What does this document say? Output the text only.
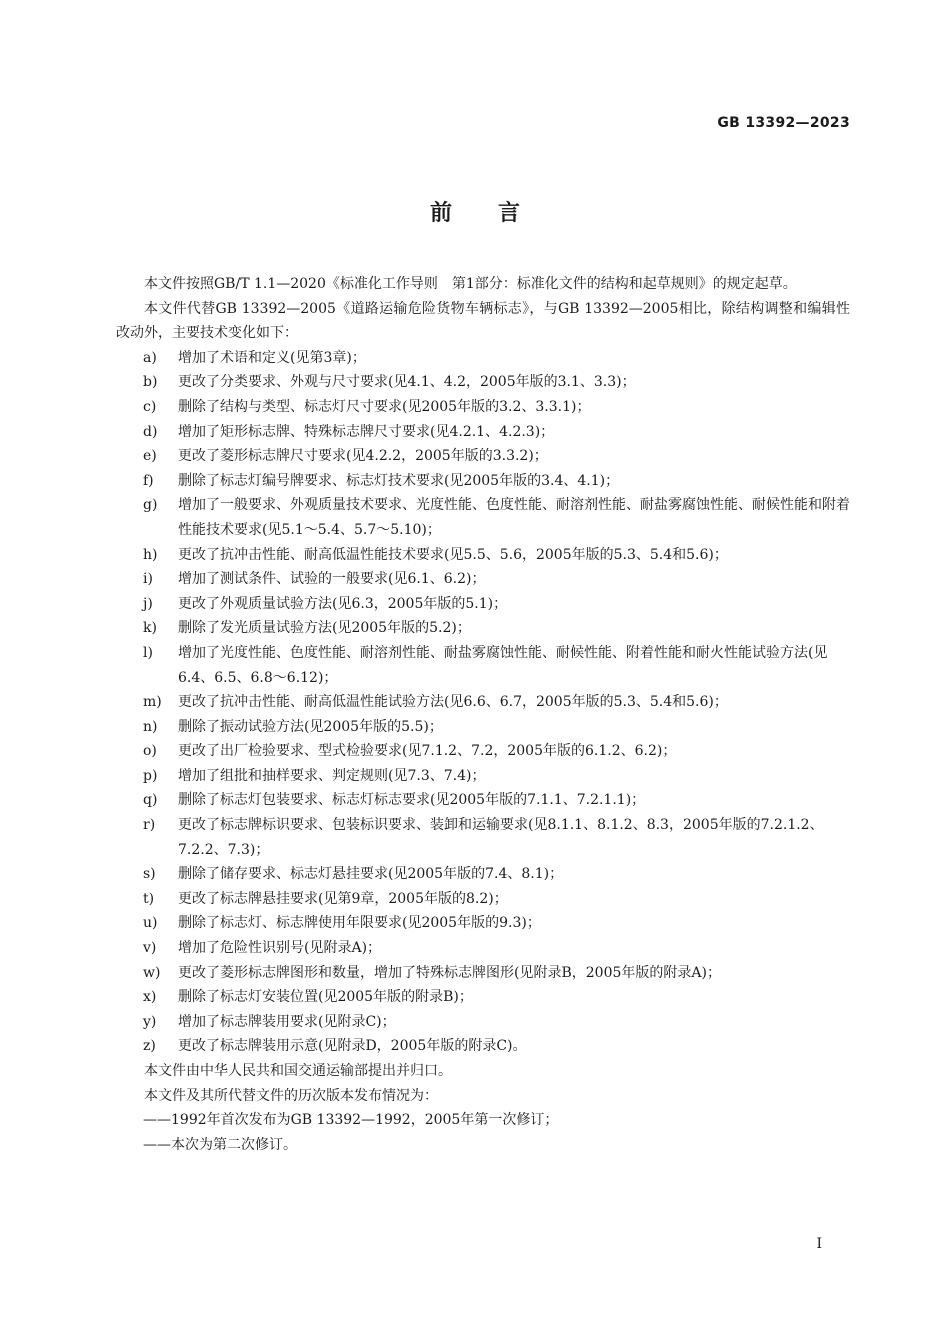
GB 13392—2023
前言

本文件按照GB/T 1.1—2020《标准化工作导则　第1部分：标准化文件的结构和起草规则》的规定起草。

本文件代替GB 13392—2005《道路运输危险货物车辆标志》，与GB 13392—2005相比，除结构调整和编辑性改动外，主要技术变化如下：

a)	增加了术语和定义(见第3章)；
b)	更改了分类要求、外观与尺寸要求(见4.1、4.2，2005年版的3.1、3.3)；
c)	删除了结构与类型、标志灯尺寸要求(见2005年版的3.2、3.3.1)；
d)	增加了矩形标志牌、特殊标志牌尺寸要求(见4.2.1、4.2.3)；
e)	更改了菱形标志牌尺寸要求(见4.2.2，2005年版的3.3.2)；
f)	删除了标志灯编号牌要求、标志灯技术要求(见2005年版的3.4、4.1)；
g)	增加了一般要求、外观质量技术要求、光度性能、色度性能、耐溶剂性能、耐盐雾腐蚀性能、耐候性能和附着性能技术要求(见5.1～5.4、5.7～5.10)；
h)	更改了抗冲击性能、耐高低温性能技术要求(见5.5、5.6，2005年版的5.3、5.4和5.6)；
i)	增加了测试条件、试验的一般要求(见6.1、6.2)；
j)	更改了外观质量试验方法(见6.3，2005年版的5.1)；
k)	删除了发光质量试验方法(见2005年版的5.2)；
l)	增加了光度性能、色度性能、耐溶剂性能、耐盐雾腐蚀性能、耐候性能、附着性能和耐火性能试验方法(见6.4、6.5、6.8～6.12)；
m)	更改了抗冲击性能、耐高低温性能试验方法(见6.6、6.7，2005年版的5.3、5.4和5.6)；
n)	删除了振动试验方法(见2005年版的5.5)；
o)	更改了出厂检验要求、型式检验要求(见7.1.2、7.2，2005年版的6.1.2、6.2)；
p)	增加了组批和抽样要求、判定规则(见7.3、7.4)；
q)	删除了标志灯包装要求、标志灯标志要求(见2005年版的7.1.1、7.2.1.1)；
r)	更改了标志牌标识要求、包装标识要求、装卸和运输要求(见8.1.1、8.1.2、8.3，2005年版的7.2.1.2、7.2.2、7.3)；
s)	删除了储存要求、标志灯悬挂要求(见2005年版的7.4、8.1)；
t)	更改了标志牌悬挂要求(见第9章，2005年版的8.2)；
u)	删除了标志灯、标志牌使用年限要求(见2005年版的9.3)；
v)	增加了危险性识别号(见附录A)；
w)	更改了菱形标志牌图形和数量，增加了特殊标志牌图形(见附录B，2005年版的附录A)；
x)	删除了标志灯安装位置(见2005年版的附录B)；
y)	增加了标志牌装用要求(见附录C)；
z)	更改了标志牌装用示意(见附录D，2005年版的附录C)。

本文件由中华人民共和国交通运输部提出并归口。

本文件及其所代替文件的历次版本发布情况为：

——1992年首次发布为GB 13392—1992，2005年第一次修订；
——本次为第二次修订。
I
